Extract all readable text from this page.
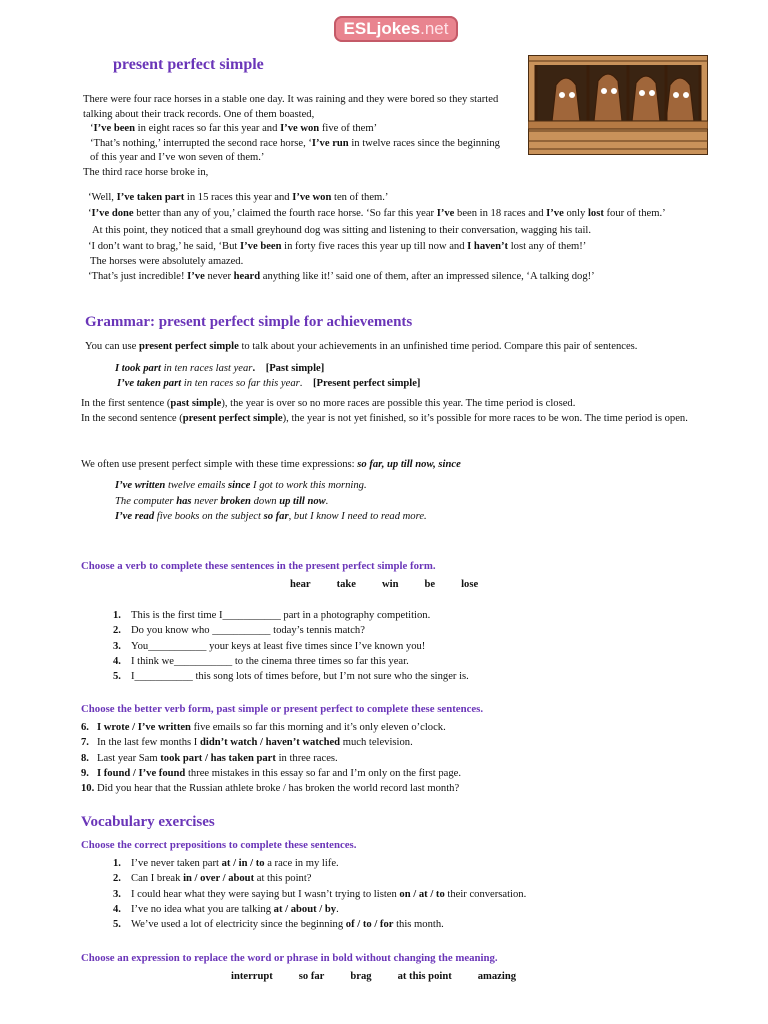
ESLjokes.net
present perfect simple

There were four race horses in a stable one day. It was raining and they were bored so they started talking about their track records. One of them boasted,

‘I’ve been in eight races so far this year and I’ve won five of them’

‘That’s nothing,’ interrupted the second race horse, ‘I’ve run in twelve races since the beginning of this year and I’ve won seven of them.’

The third race horse broke in,

‘Well, I’ve taken part in 15 races this year and I’ve won ten of them.’

‘I’ve done better than any of you,’ claimed the fourth race horse. ‘So far this year I’ve been in 18 races and I’ve only lost four of them.’

At this point, they noticed that a small greyhound dog was sitting and listening to their conversation, wagging his tail.

‘I don’t want to brag,’ he said, ‘But I’ve been in forty five races this year up till now and I haven’t lost any of them!’

The horses were absolutely amazed.

‘That’s just incredible! I’ve never heard anything like it!’ said one of them, after an impressed silence, ‘A talking dog!’

Grammar: present perfect simple for achievements

You can use present perfect simple to talk about your achievements in an unfinished time period. Compare this pair of sentences.

I took part in ten races last year. [Past simple]

I’ve taken part in ten races so far this year.    [Present perfect simple]

In the first sentence (past simple), the year is over so no more races are possible this year. The time period is closed.

In the second sentence (present perfect simple), the year is not yet finished, so it’s possible for more races to be won. The time period is open.

We often use present perfect simple with these time expressions: so far, up till now, since

I’ve written twelve emails since I got to work this morning.

The computer has never broken down up till now.

I’ve read five books on the subject so far, but I know I need to read more.

Choose a verb to complete these sentences in the present perfect simple form.

hear take win be lose
1. This is the first time I___________ part in a photography competition.
2. Do you know who ___________ today’s tennis match?
3. You___________ your keys at least five times since I’ve known you!
4. I think we___________ to the cinema three times so far this year.
5. I___________ this song lots of times before, but I’m not sure who the singer is.

Choose the better verb form, past simple or present perfect to complete these sentences.

6. I wrote / I’ve written five emails so far this morning and it’s only eleven o’clock.
7. In the last few months I didn’t watch / haven’t watched much television.
8. Last year Sam took part / has taken part in three races.
9. I found / I’ve found three mistakes in this essay so far and I’m only on the first page.
10. Did you hear that the Russian athlete broke / has broken the world record last month?
Vocabulary exercises

Choose the correct prepositions to complete these sentences.

1. I’ve never taken part at / in / to a race in my life.
2. Can I break in / over / about at this point?
3. I could hear what they were saying but I wasn’t trying to listen on / at / to their conversation.
4. I’ve no idea what you are talking at / about / by.
5. We’ve used a lot of electricity since the beginning of / to / for this month.

Choose an expression to replace the word or phrase in bold without changing the meaning.

interrupt so far brag at this point amazing
